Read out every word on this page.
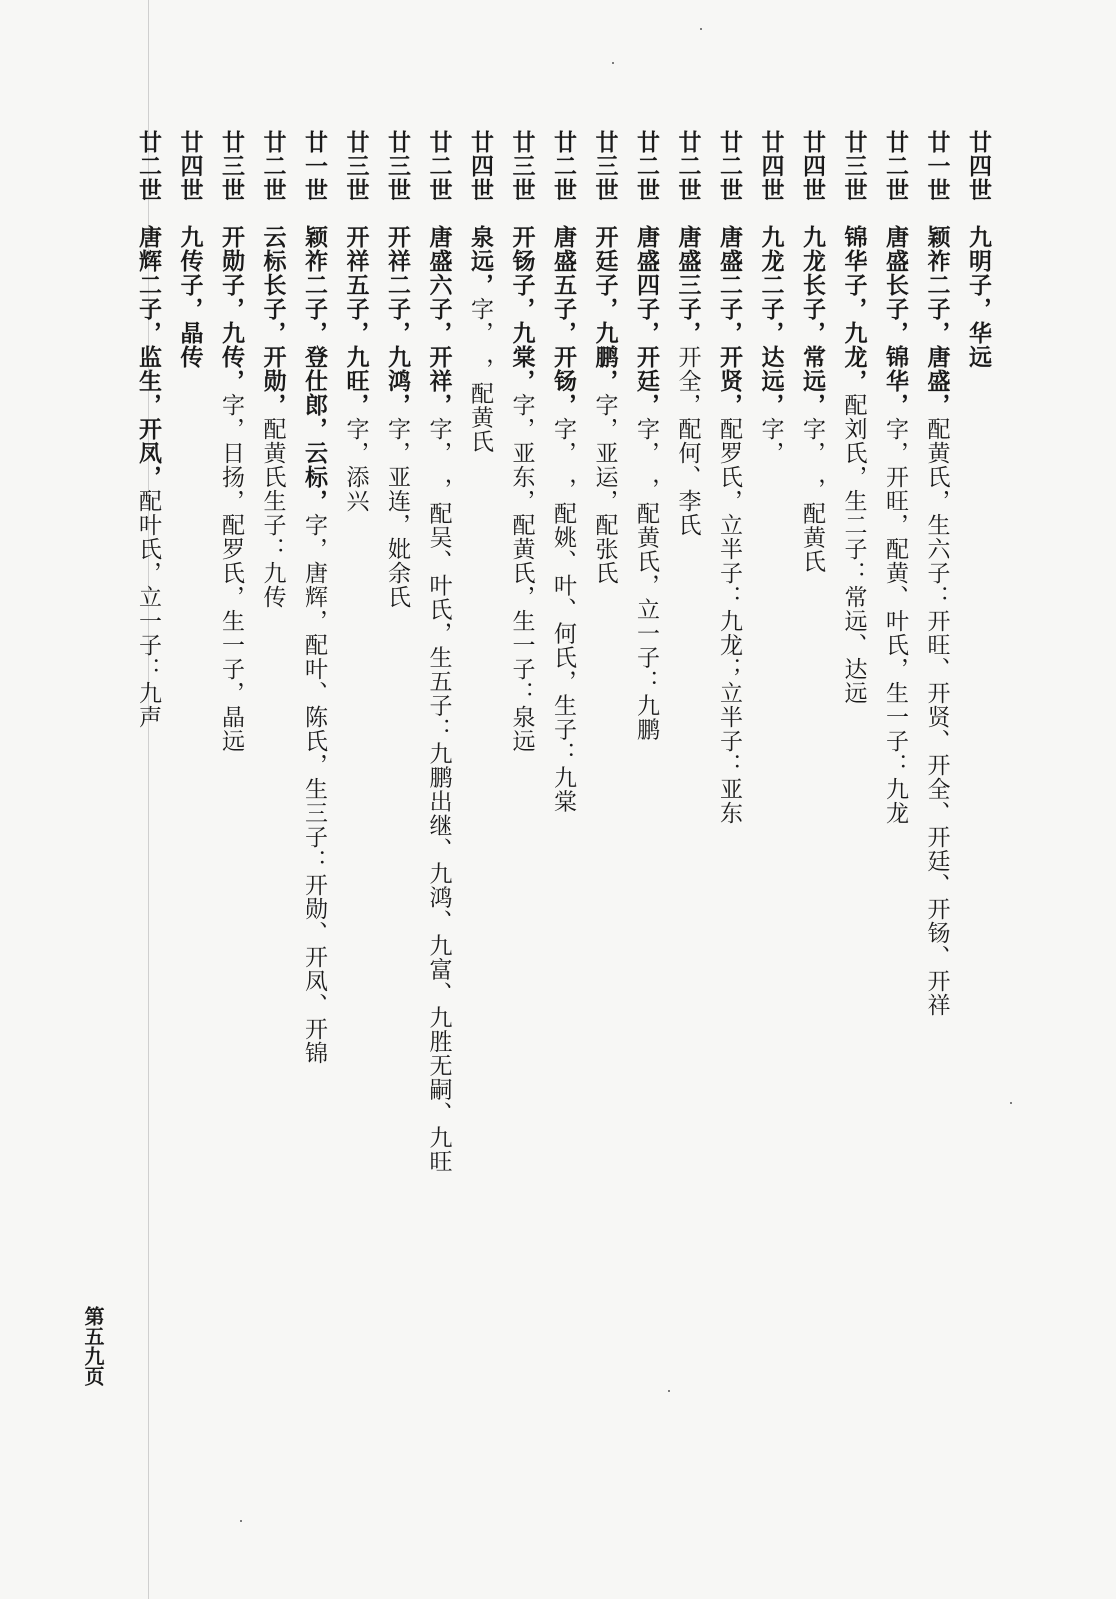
廿四世九明子，华远
廿一世颖祚二子，唐盛，配黄氏，生六子：开旺、开贤、开全、开廷、开钖、开祥
廿二世唐盛长子，锦华，字，开旺，配黄、叶氏，生一子：九龙
廿三世锦华子，九龙，配刘氏，生二子：常远、达远
廿四世九龙长子，常远，字，　，配黄氏
廿四世九龙二子，达远，字，
廿二世唐盛二子，开贤，配罗氏，立半子：九龙；立半子：亚东
廿二世唐盛三子，开全，配何、李氏
廿二世唐盛四子，开廷，字，　，配黄氏，立一子：九鹏
廿三世开廷子，九鹏，字，亚运，配张氏
廿二世唐盛五子，开钖，字，　，配姚、叶、何氏，生子：九棠
廿三世开钖子，九棠，字，亚东，配黄氏，生一子：泉远
廿四世泉远，字，　，配黄氏
廿二世唐盛六子，开祥，字，　，配吴、叶氏，生五子：九鹏出继、九鸿、九富、九胜无嗣、九旺
廿三世开祥二子，九鸿，字，亚连，妣余氏
廿三世开祥五子，九旺，字，添兴
廿一世颖祚二子，登仕郎，云标，字，唐辉，配叶、陈氏，生三子：开勋、开凤、开锦
廿二世云标长子，开勋，配黄氏生子：九传
廿三世开勋子，九传，字，日扬，配罗氏，生一子，晶远
廿四世九传子，晶传
廿二世唐辉二子，监生，开凤，配叶氏，立一子：九声
第五九页
